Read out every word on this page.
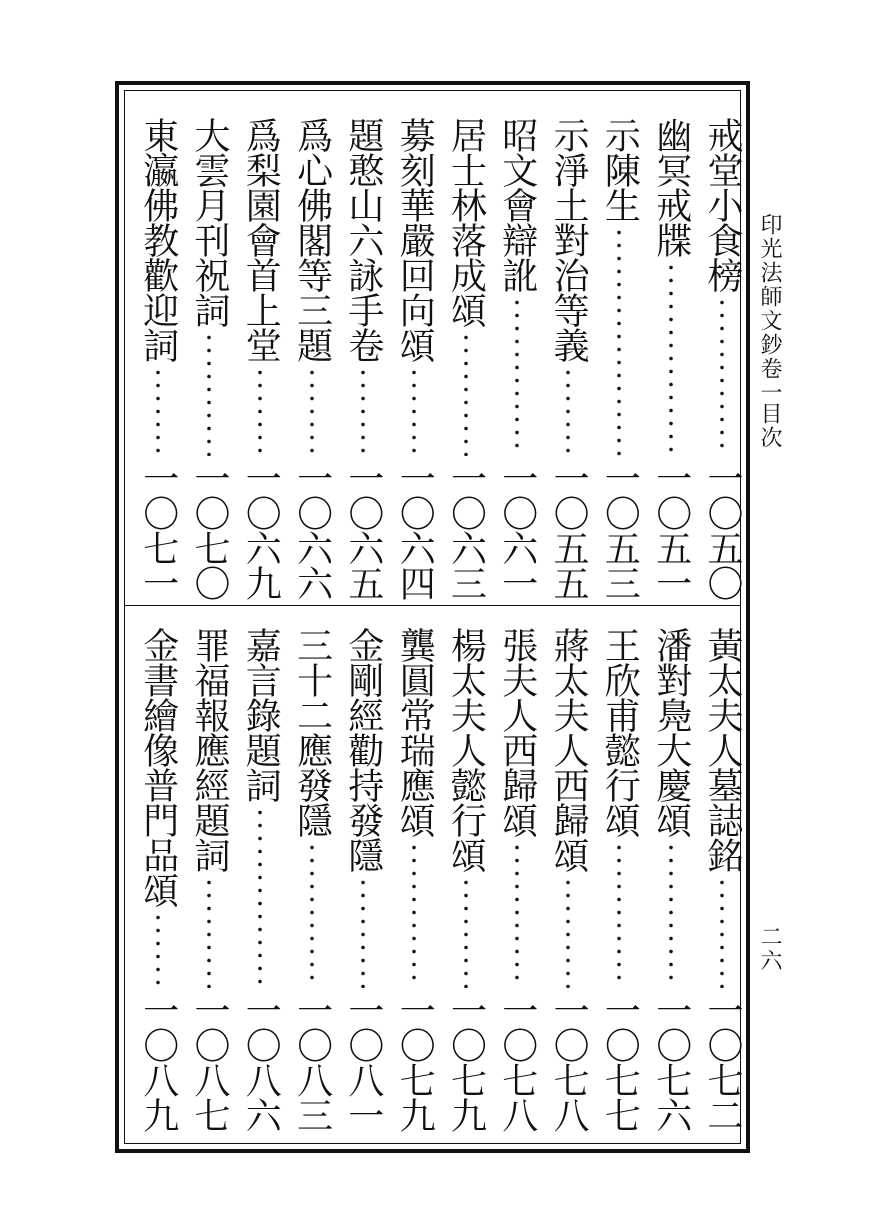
印光法師文鈔卷一
目次
二六
戒堂小食榜
一〇五〇
幽冥戒牒
一〇五一
示陳生
一〇五三
示淨土對治等義
一〇五五
昭文會辯訛
一〇六一
居士林落成頌
一〇六三
募刻華嚴回向頌
一〇六四
題憨山六詠手卷
一〇六五
爲心佛閣等三題
一〇六六
爲梨園會首上堂
一〇六九
大雲月刊祝詞
一〇七〇
東瀛佛教歡迎詞
一〇七一
黃太夫人墓誌銘
一〇七二
潘對鳧大慶頌
一〇七六
王欣甫懿行頌
一〇七七
蔣太夫人西歸頌
一〇七八
張夫人西歸頌
一〇七八
楊太夫人懿行頌
一〇七九
龔圓常瑞應頌
一〇七九
金剛經勸持發隱
一〇八一
三十二應發隱
一〇八三
嘉言錄題詞
一〇八六
罪福報應經題詞
一〇八七
金書繪像普門品頌
一〇八九
